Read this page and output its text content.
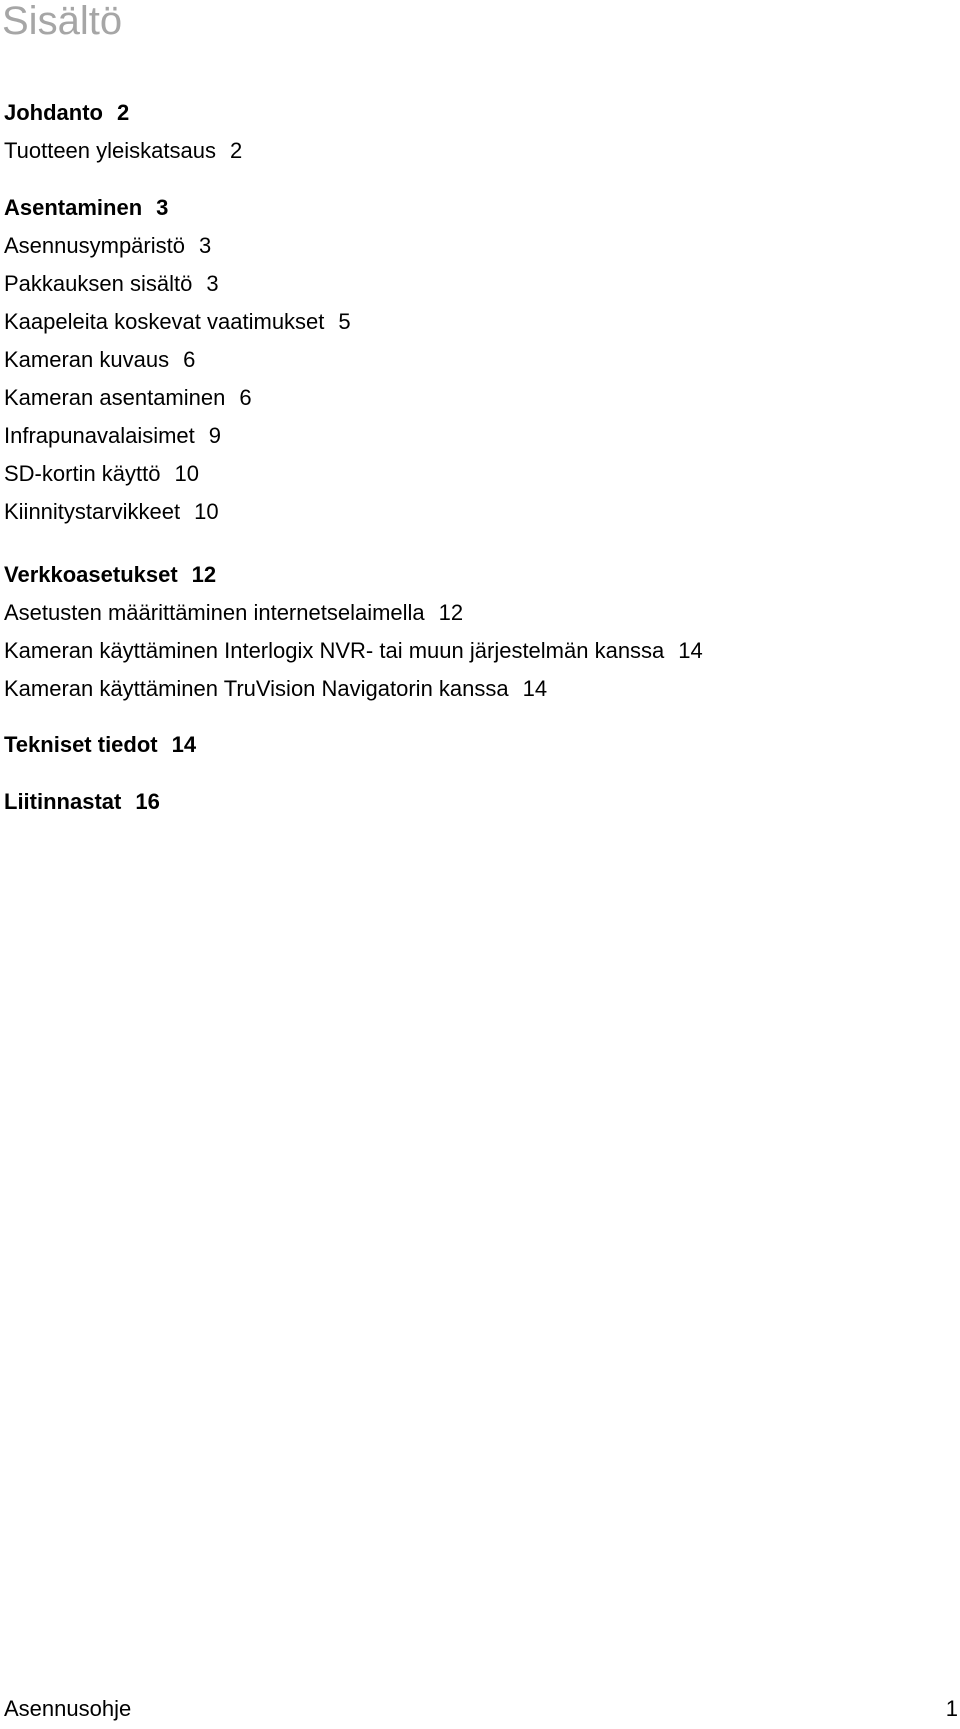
Sisältö
Johdanto 2
Tuotteen yleiskatsaus 2
Asentaminen 3
Asennusympäristö 3
Pakkauksen sisältö 3
Kaapeleita koskevat vaatimukset 5
Kameran kuvaus 6
Kameran asentaminen 6
Infrapunavalaisimet 9
SD-kortin käyttö 10
Kiinnitystarvikkeet 10
Verkkoasetukset 12
Asetusten määrittäminen internetselaimella 12
Kameran käyttäminen Interlogix NVR- tai muun järjestelmän kanssa 14
Kameran käyttäminen TruVision Navigatorin kanssa 14
Tekniset tiedot 14
Liitinnastat 16
Asennusohje	1
